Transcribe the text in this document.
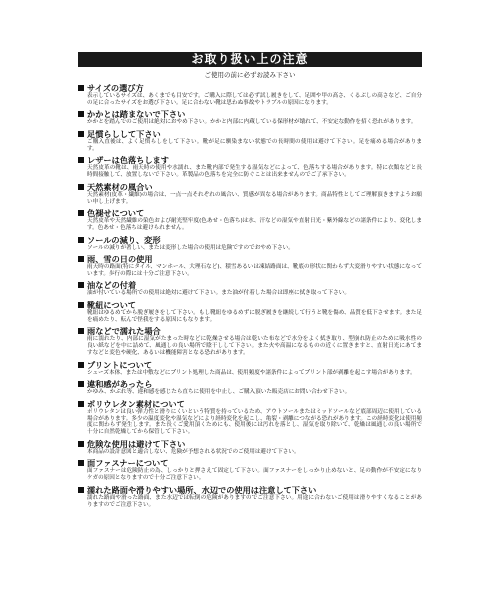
お取り扱い上の注意
ご使用の前に必ずお読み下さい
サイズの選び方
表示しているサイズは、あくまでも目安です。ご購入に際しては必ず試し履きをして、足囲や甲の高さ、くるぶしの高さなど、ご自分の足に合ったサイズをお選び下さい。足に合わない靴は思わぬ事故やトラブルの原因になります。
かかとは踏まないで下さい
かかとを踏んでのご使用は絶対におやめ下さい。かかと内部に内蔵している保形材が壊れて、不安定な動作を招く恐れがあります。
足慣らしして下さい
ご購入直後は、よく足慣らしをして下さい。靴が足に馴染まない状態での長時間の使用は避けて下さい。足を痛める場合があります。
レザーは色落ちします
天然皮革の靴は、雨天時の使用や水濡れ、また靴内部で発生する湿気などによって、色落ちする場合があります。特に衣類などと長時間接触して、放置しないで下さい。革製品の色落ちを完全に防ぐことは出来ませんのでご了承下さい。
天然素材の風合い
天然素材(皮革・繊維)の場合は、一点一点それぞれの風合い、質感が異なる場合があります。商品特性としてご理解頂きますようお願い申し上げます。
色褪せについて
天然皮革や天然繊維の染色および耐光堅牢度(色あせ・色落ち)は水、汗などの湿気や直射日光・紫外線などの諸条件により、変化します。色あせ・色落ちは避けられません。
ソールの減り、変形
ソールの減りが著しい、または変形した場合の使用は危険ですのでおやめ下さい。
雨、雪の日の使用
雨天時の路面(特にタイル、マンホール、大理石など)、積雪あるいは凍結路面は、靴底の形状に関わらず大変滑りやすい状態になっています。歩行の際には十分ご注意下さい。
油などの付着
油が付いている場所での使用は絶対に避けて下さい。また油が付着した場合は即座に拭き取って下さい。
靴紐について
靴紐はゆるめてから脱ぎ履きをして下さい。もし靴紐をゆるめずに脱ぎ履きを継続して行うと靴を傷め、品質を低下させます。また足を痛めたり、転んで怪我をする原因にもなります。
雨などで濡れた場合
雨に濡れたり、内部に湿気がたまった時などに乾燥させる場合は乾いた布などで水分をよく拭き取り、型崩れ防止のために吸水性の良い紙などを中に詰めて、風通しの良い場所で陰干しして下さい。また火や高温になるものの近くに置きますと、直射日光にあてますなどと変色や硬化、あるいは機能障害となる恐れがあります。
プリントについて
シューズ本体、または中敷などにプリント処理した商品は、使用頻度や諸条件によってプリント部が剥離を起こす場合があります。
違和感があったら
かゆみ、かぶれ等、違和感を感じたら直ちに使用を中止し、ご購入頂いた販売店にお問い合わせ下さい。
ポリウレタン素材について
ポリウレタンは良い弾力性と滑りにくいという特質を持っているため、アウトソールまたはミッドソールなど底部周辺に使用している場合があります。多少の温度変化や湿気などにより経時変化を起こし、亀裂・剥離につながる恐れがあります。この経時変化は使用頻度に関わらず発生します。また長くご愛用頂くためにも、使用後には汚れを落とし、湿気を取り除いて、乾燥は風通しの良い場所で十分に自然乾燥してから保管して下さい。
危険な使用は避けて下さい
本商品の設計意図と適合しない、危険が予想される状況でのご使用は避けて下さい。
面ファスナーについて
面ファスナーは危険防止の為、しっかりと押さえて固定して下さい。面ファスナーをしっかり止めないと、足の動作が不安定になりケガの原因となりますので十分ご注意下さい。
濡れた路面や滑りやすい場所、水辺での使用は注意して下さい
濡れた路面や滑った路面、また水辺では転倒の危険がありますのでご注意下さい。用途に合わないご使用は滑りやすくなることがありますのでご注意下さい。
